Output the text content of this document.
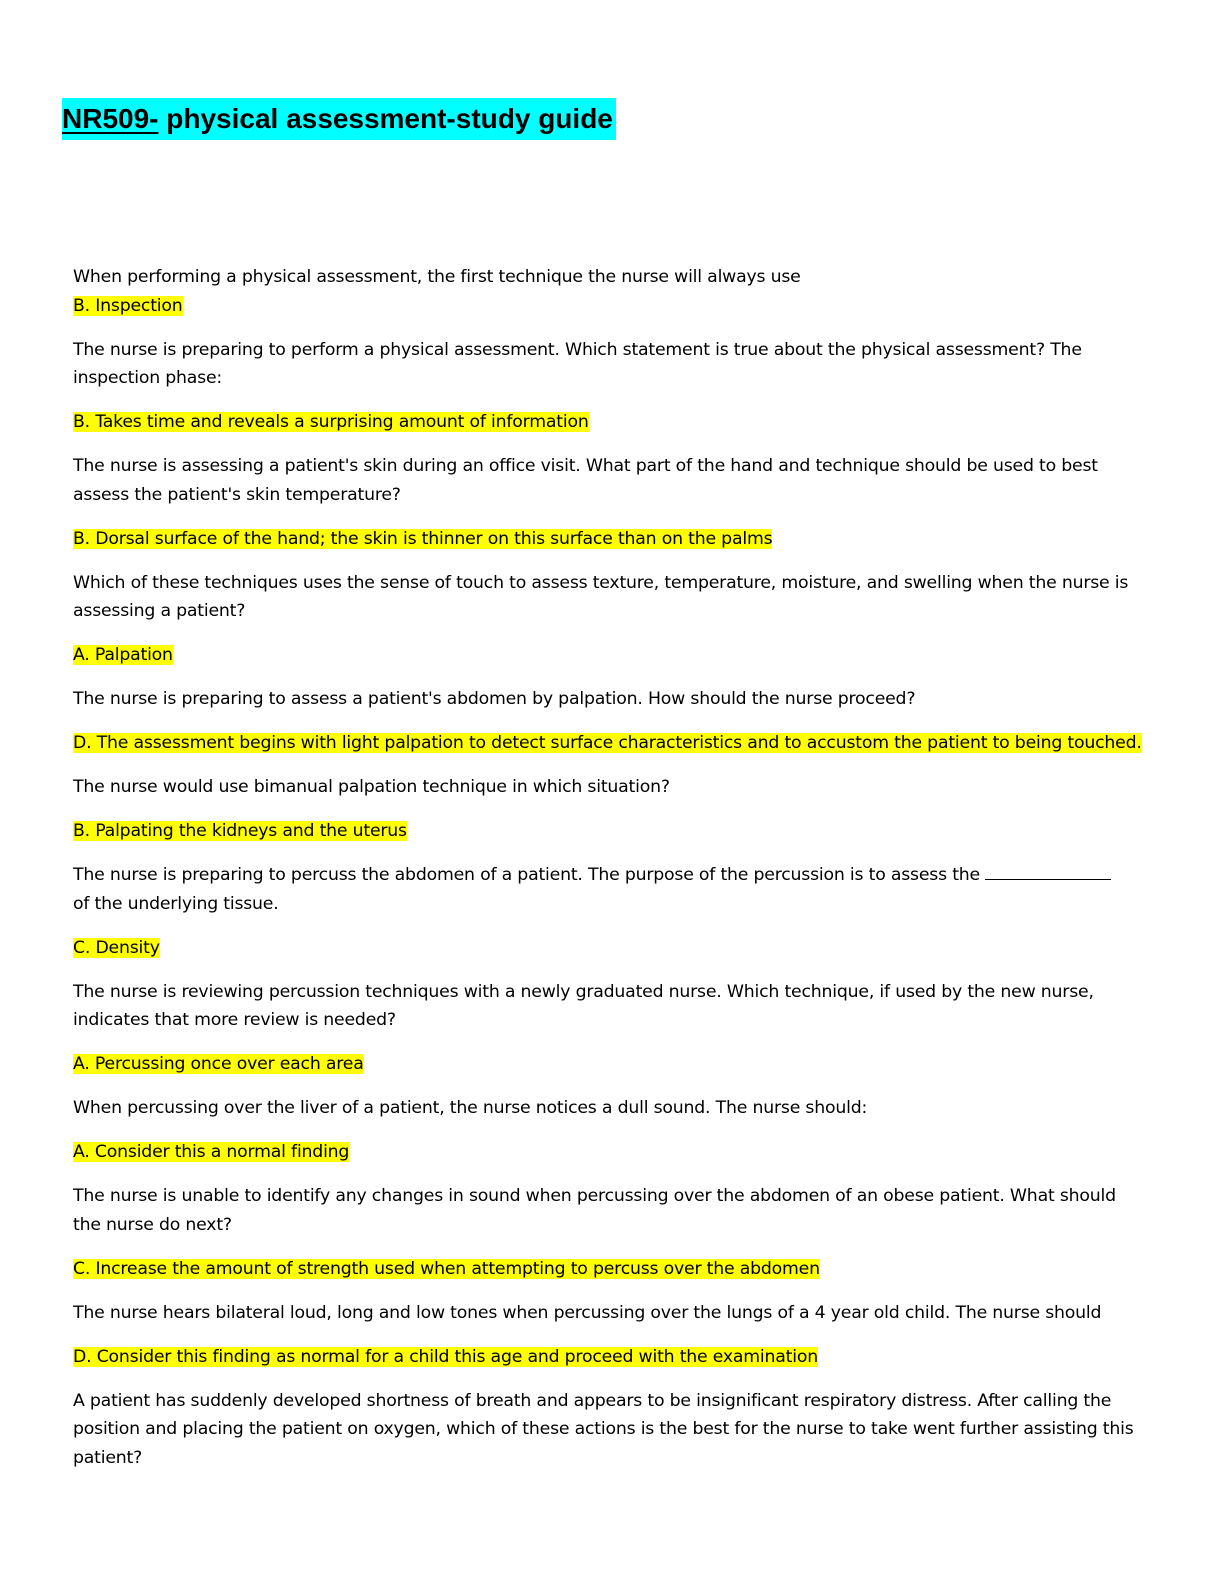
NR509- physical assessment-study guide

When performing a physical assessment, the first technique the nurse will always use

B. Inspection

The nurse is preparing to perform a physical assessment. Which statement is true about the physical assessment? The inspection phase:

B. Takes time and reveals a surprising amount of information

The nurse is assessing a patient's skin during an office visit. What part of the hand and technique should be used to best assess the patient's skin temperature?

B. Dorsal surface of the hand; the skin is thinner on this surface than on the palms

Which of these techniques uses the sense of touch to assess texture, temperature, moisture, and swelling when the nurse is assessing a patient?

A. Palpation

The nurse is preparing to assess a patient's abdomen by palpation. How should the nurse proceed?

D. The assessment begins with light palpation to detect surface characteristics and to accustom the patient to being touched.

The nurse would use bimanual palpation technique in which situation?

B. Palpating the kidneys and the uterus

The nurse is preparing to percuss the abdomen of a patient. The purpose of the percussion is to assess the
of the underlying tissue.

C. Density

The nurse is reviewing percussion techniques with a newly graduated nurse. Which technique, if used by the new nurse, indicates that more review is needed?

A. Percussing once over each area

When percussing over the liver of a patient, the nurse notices a dull sound. The nurse should:

A. Consider this a normal finding

The nurse is unable to identify any changes in sound when percussing over the abdomen of an obese patient. What should the nurse do next?

C. Increase the amount of strength used when attempting to percuss over the abdomen

The nurse hears bilateral loud, long and low tones when percussing over the lungs of a 4 year old child. The nurse should

D. Consider this finding as normal for a child this age and proceed with the examination

A patient has suddenly developed shortness of breath and appears to be insignificant respiratory distress. After calling the position and placing the patient on oxygen, which of these actions is the best for the nurse to take went further assisting this patient?
